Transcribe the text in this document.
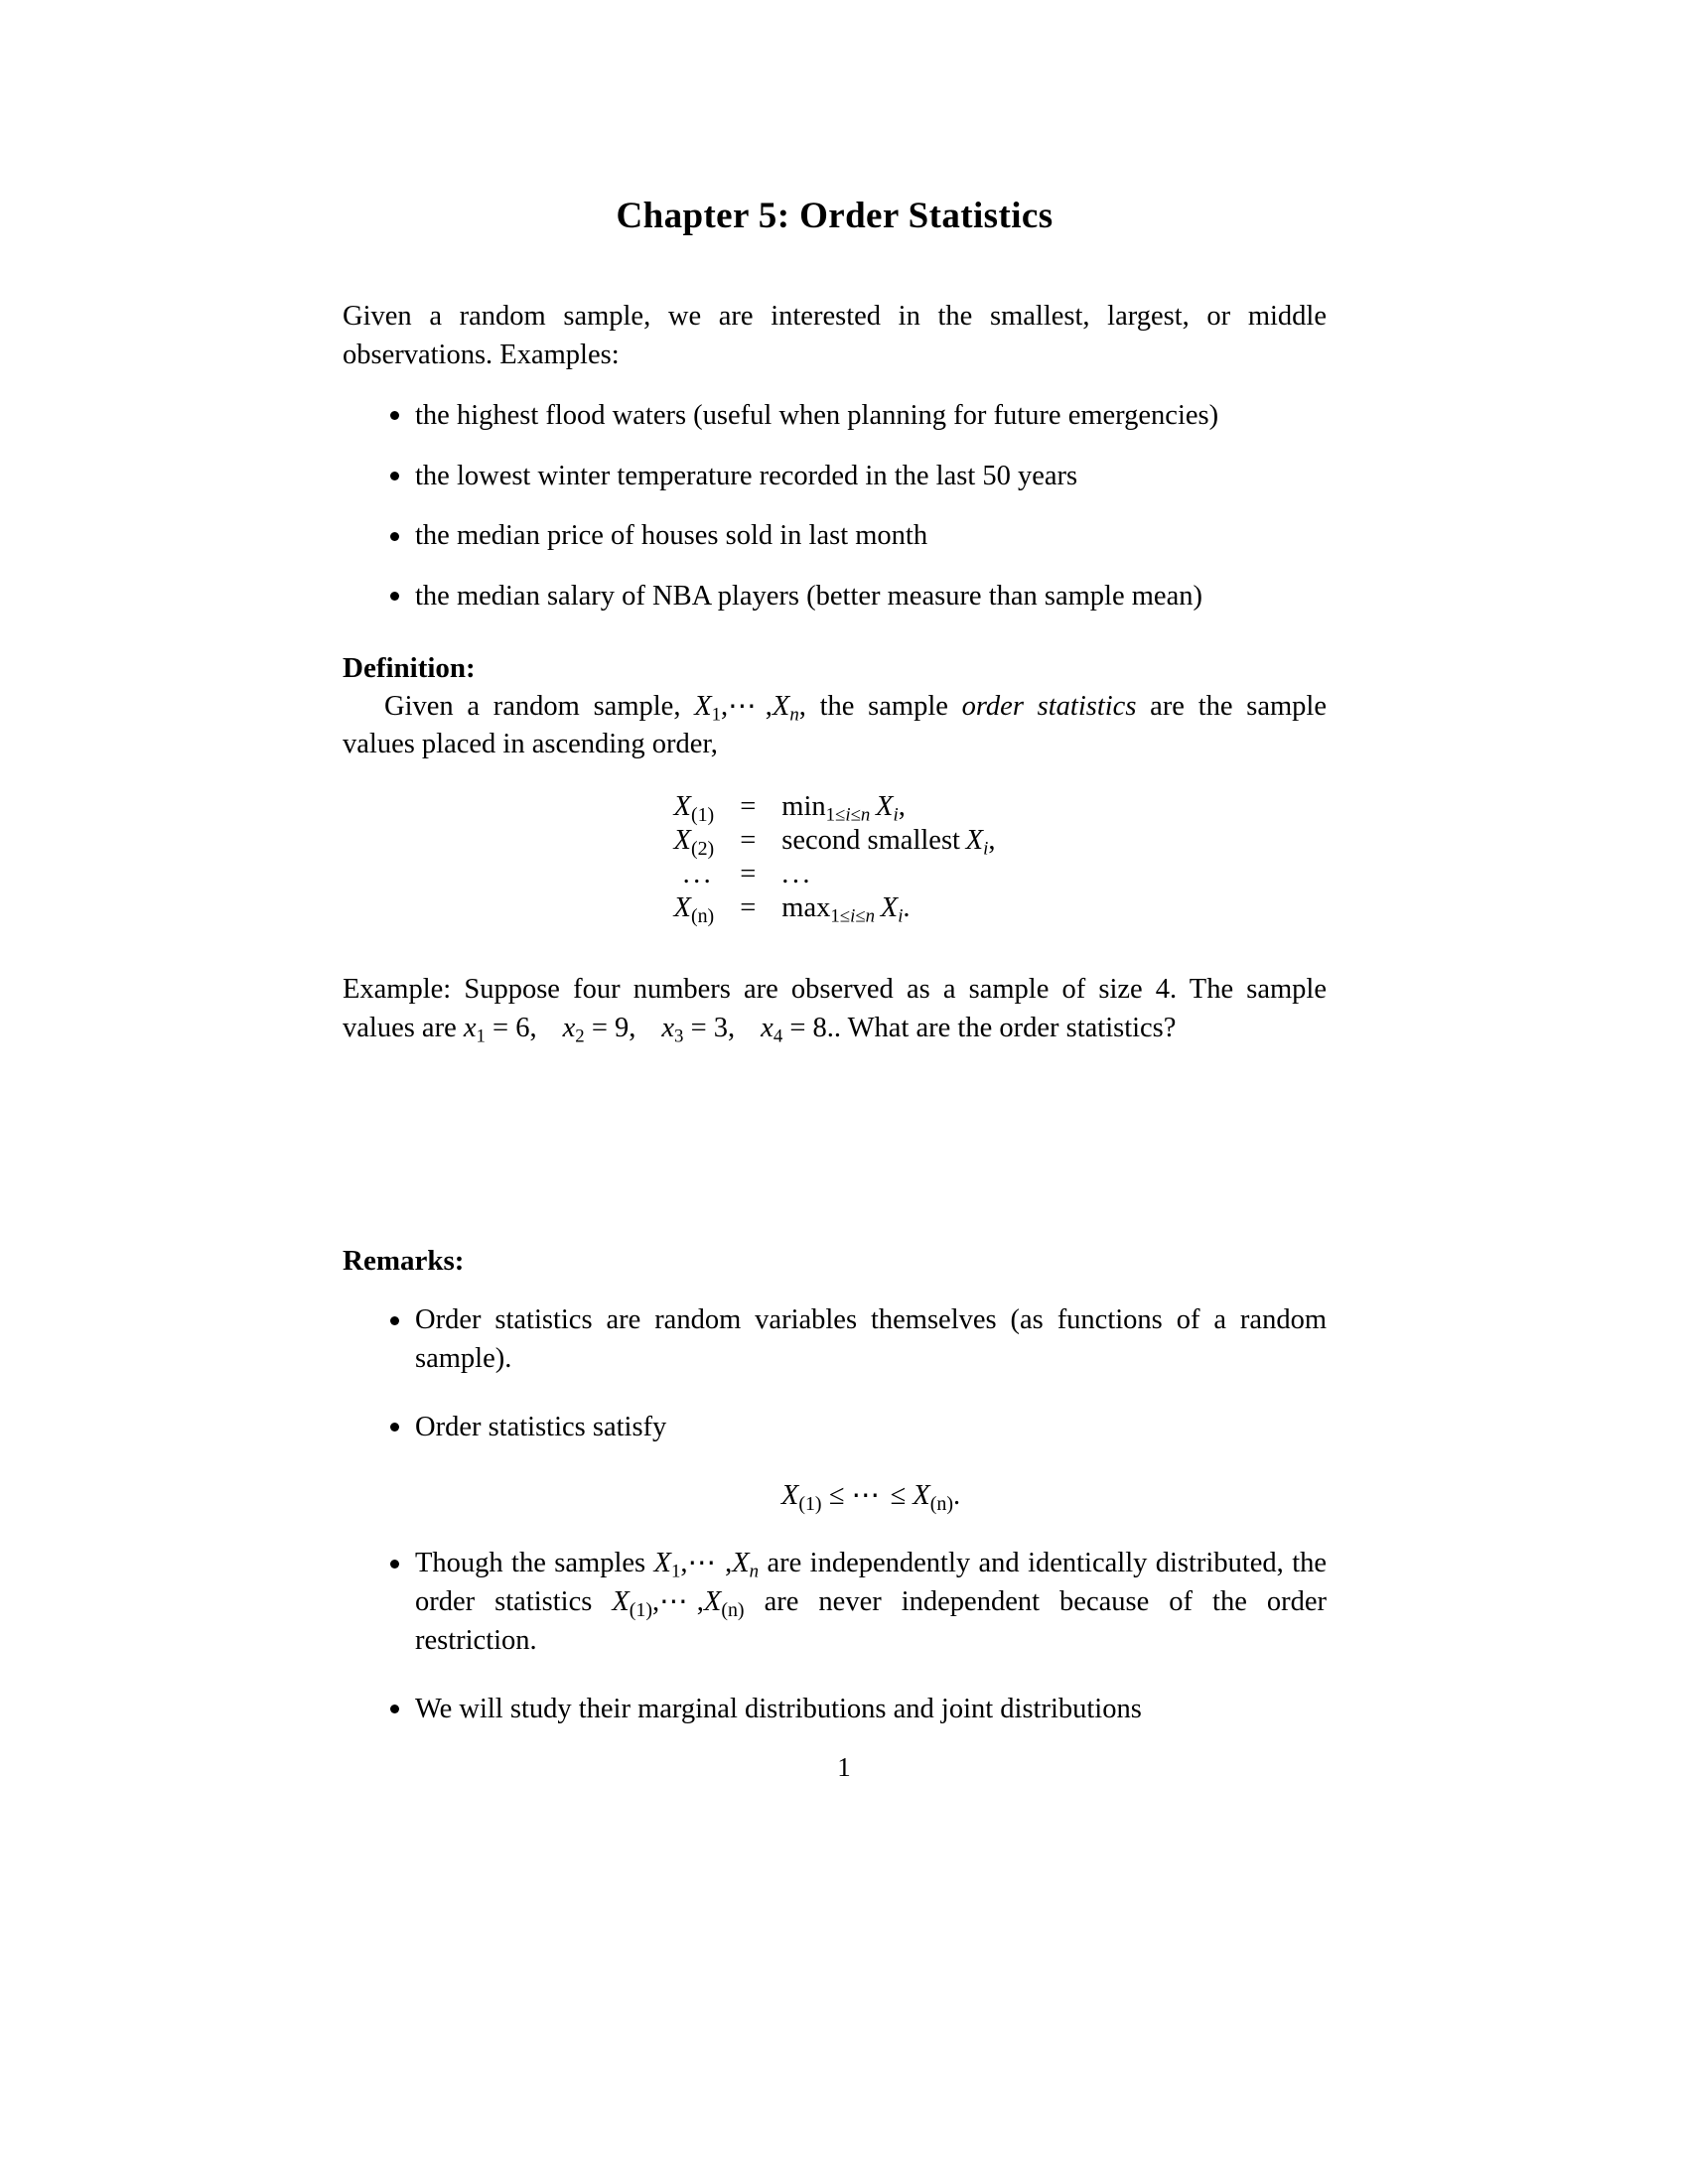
Chapter 5: Order Statistics

Given a random sample, we are interested in the smallest, largest, or middle observations. Examples:

the highest flood waters (useful when planning for future emergencies)
the lowest winter temperature recorded in the last 50 years
the median price of houses sold in last month
the median salary of NBA players (better measure than sample mean)

Definition:

Given a random sample, $X_1,\cdots$ $,X_n$, the sample order statistics are the sample values placed in ascending order,

$X_{(1)}$	=	$\min_{1\le i\le n} X_i$,
$X_{(2)}$	=	second smallest  $X_i$,
...	=	...
$X_{(n)}$	=	$\max_{1\le i\le n} X_i$.

Example: Suppose four numbers are observed as a sample of size 4. The sample values are $x_1 = 6$, $x_2 = 9$, $x_3 = 3$, $x_4 = 8$.. What are the order statistics?

Remarks:

Order statistics are random variables themselves (as functions of a random sample).
Order statistics satisfy
$X_{(1)}$ ≤ ⋯ ≤ $X_{(n)}$.
Though the samples $X_1,\cdots$ $,X_n$ are independently and identically distributed, the order statistics $X_{(1)},\cdots$ $,X_{(n)}$ are never independent because of the order restriction.
We will study their marginal distributions and joint distributions
1
